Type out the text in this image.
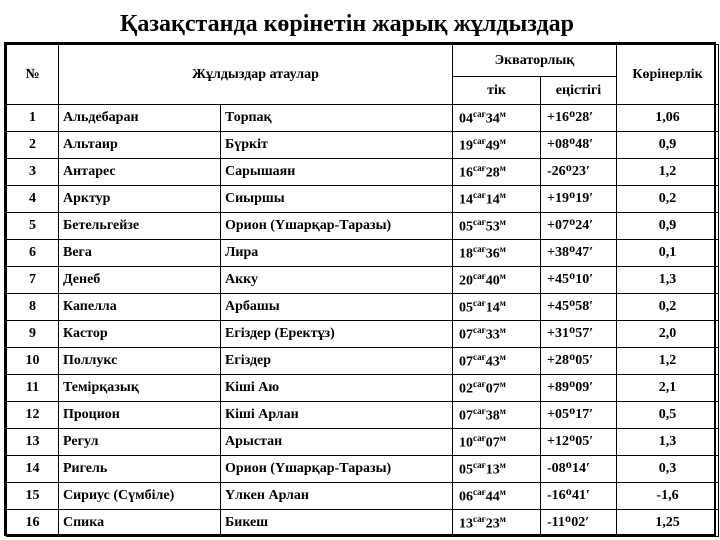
Қазақстанда көрінетін жарық жұлдыздар
№	Жұлдыздар атаулар		Экваторлық		Көрінерлік
			тік	еңістігі	
1	Альдебаран	Торпақ	$04^{сағ}34^м$	+16ᴼ28′	1,06
2	Альтаир	Бүркіт	$19^{сағ}49^м$	+08ᴼ48′	0,9
3	Антарес	Сарышаян	$16^{сағ}28^м$	-26ᴼ23′	1,2
4	Арктур	Сиыршы	$14^{сағ}14^м$	+19ᴼ19′	0,2
5	Бетельгейзе	Орион (Үшарқар-Таразы)	$05^{сағ}53^м$	+07ᴼ24′	0,9
6	Вега	Лира	$18^{сағ}36^м$	+38ᴼ47′	0,1
7	Денеб	Акку	$20^{сағ}40^м$	+45ᴼ10′	1,3
8	Капелла	Арбашы	$05^{сағ}14^м$	+45ᴼ58′	0,2
9	Кастор	Егіздер (Еректұз)	$07^{сағ}33^м$	+31ᴼ57′	2,0
10	Поллукс	Егіздер	$07^{сағ}43^м$	+28ᴼ05′	1,2
11	Темірқазық	Кіші Аю	$02^{сағ}07^м$	+89ᴼ09′	2,1
12	Процион	Кіші Арлан	$07^{сағ}38^м$	+05ᴼ17′	0,5
13	Регул	Арыстан	$10^{сағ}07^м$	+12ᴼ05′	1,3
14	Ригель	Орион (Үшарқар-Таразы)	$05^{сағ}13^м$	-08ᴼ14′	0,3
15	Сириус (Сүмбіле)	Үлкен Арлан	$06^{сағ}44^м$	-16ᴼ41′	-1,6
16	Спика	Бикеш	$13^{сағ}23^м$	-11ᴼ02′	1,25
